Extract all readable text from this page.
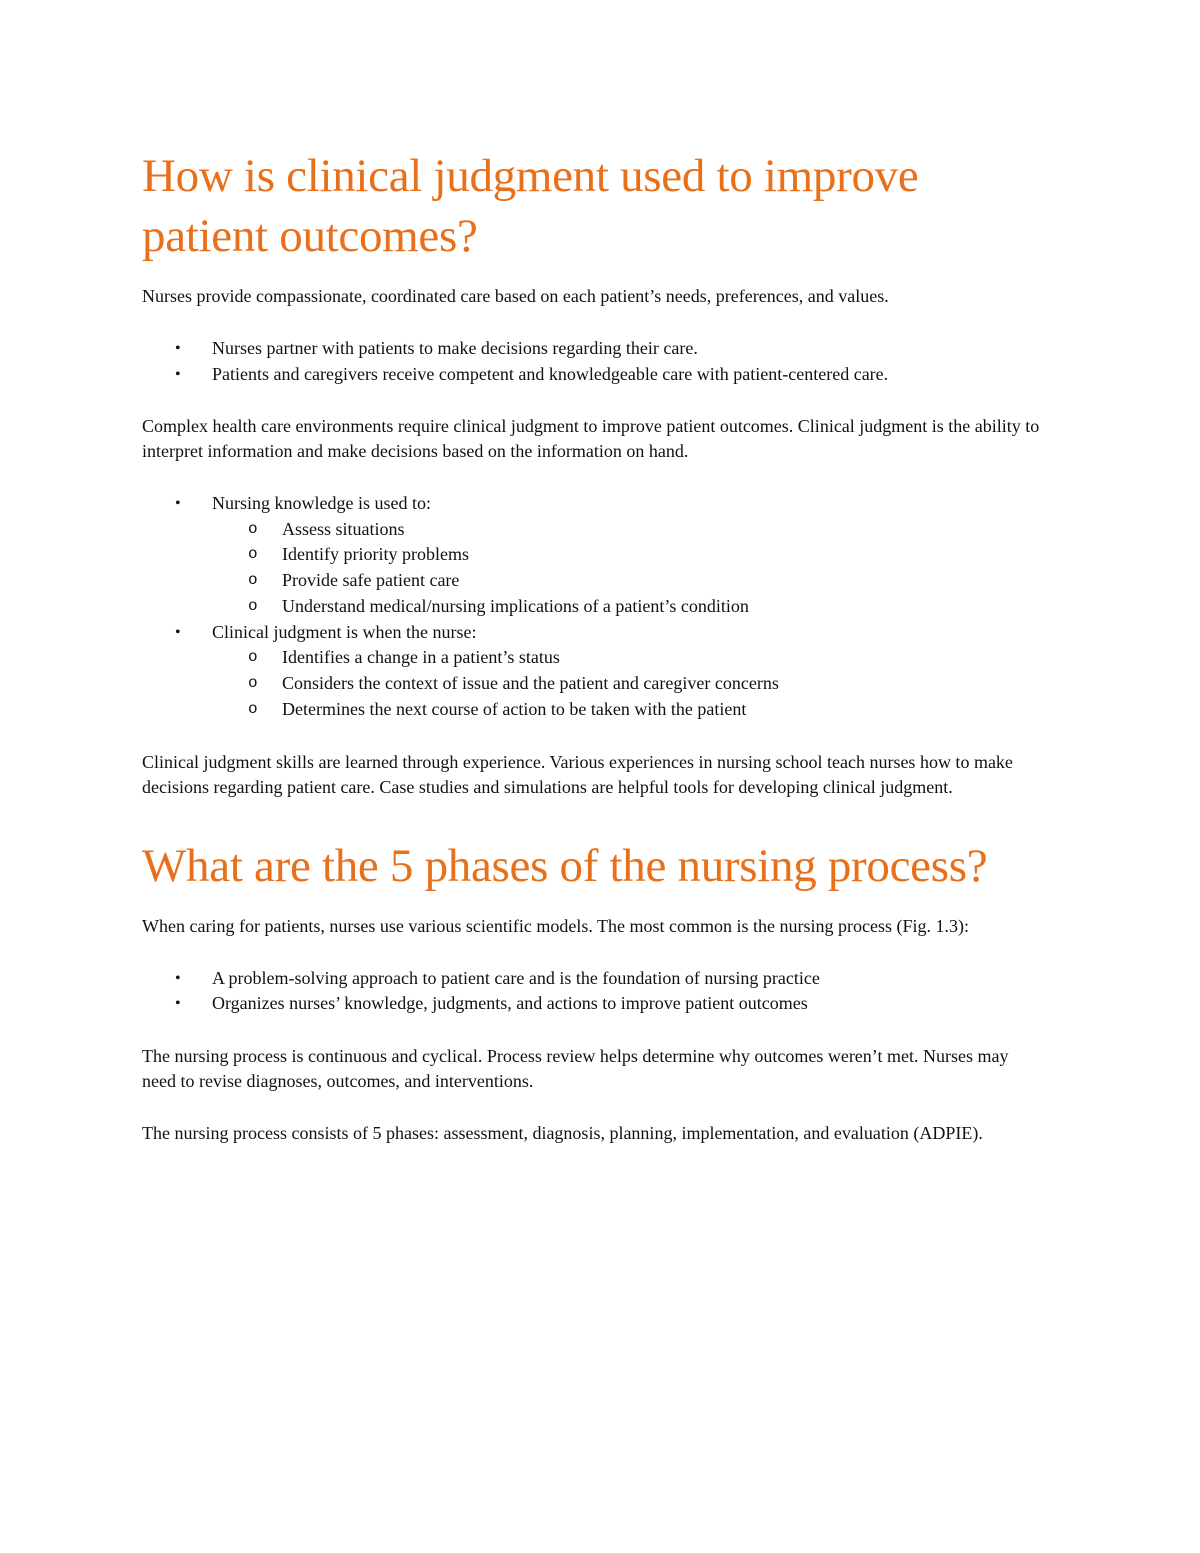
How is clinical judgment used to improve patient outcomes?

Nurses provide compassionate, coordinated care based on each patient’s needs, preferences, and values.

• Nurses partner with patients to make decisions regarding their care.
• Patients and caregivers receive competent and knowledgeable care with patient-centered care.

Complex health care environments require clinical judgment to improve patient outcomes. Clinical judgment is the ability to interpret information and make decisions based on the information on hand.

• Nursing knowledge is used to:
o Assess situations
o Identify priority problems
o Provide safe patient care
o Understand medical/nursing implications of a patient’s condition
• Clinical judgment is when the nurse:
o Identifies a change in a patient’s status
o Considers the context of issue and the patient and caregiver concerns
o Determines the next course of action to be taken with the patient

Clinical judgment skills are learned through experience. Various experiences in nursing school teach nurses how to make decisions regarding patient care. Case studies and simulations are helpful tools for developing clinical judgment.

What are the 5 phases of the nursing process?

When caring for patients, nurses use various scientific models. The most common is the nursing process (Fig. 1.3):

• A problem-solving approach to patient care and is the foundation of nursing practice
• Organizes nurses’ knowledge, judgments, and actions to improve patient outcomes

The nursing process is continuous and cyclical. Process review helps determine why outcomes weren’t met. Nurses may need to revise diagnoses, outcomes, and interventions.

The nursing process consists of 5 phases: assessment, diagnosis, planning, implementation, and evaluation (ADPIE).
